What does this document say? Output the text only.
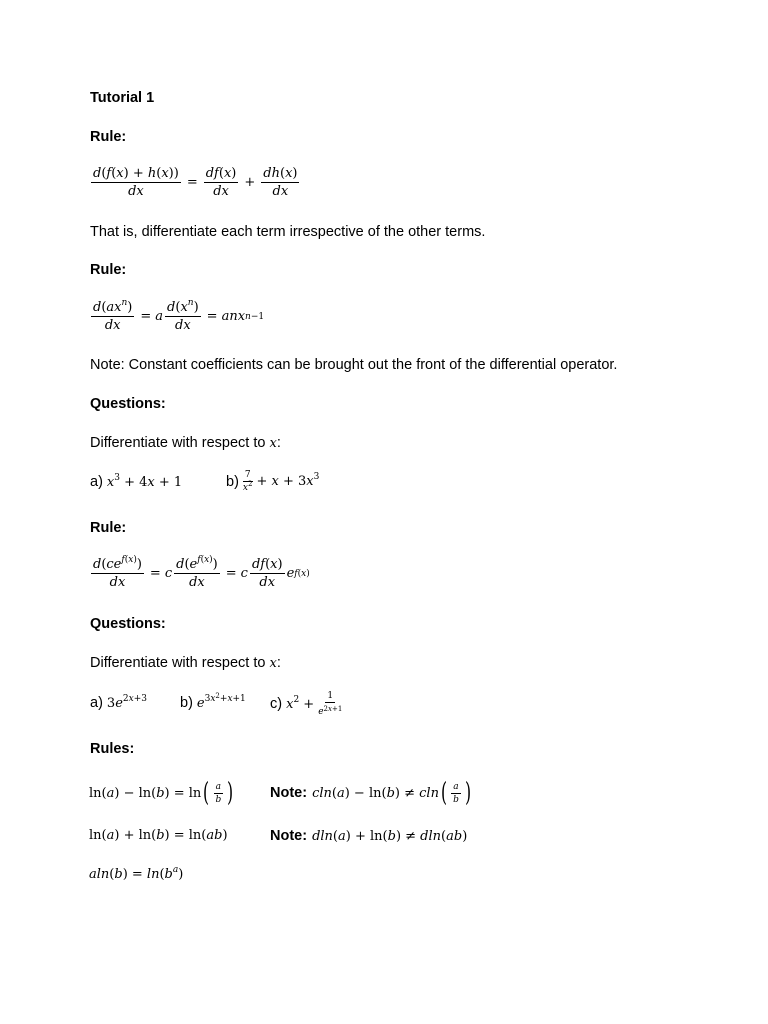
Tutorial 1
Rule:
$\frac{d(f(x) + h(x))}{dx} = \frac{df(x)}{dx} + \frac{dh(x)}{dx}$
That is, differentiate each term irrespective of the other terms.
Rule:
$\frac{d(ax^n)}{dx} = a \frac{d(x^n)}{dx}$ = anx n−1
Note: Constant coefficients can be brought out the front of the differential operator.
Questions:
Differentiate with respect to x:
a) $x^3 + 4x + 1$	$b) \frac{7}{x^2} + x + 3x^3$
Rule:
$\frac{d(ce^{f(x)})}{dx} = c \frac{d(e^{f(x)})}{dx} = c \frac{df(x)}{dx}$ e f(x)
Questions:
Differentiate with respect to x:
a) $3e^{2x+3}$ b) $e^{3x^2+x+1}$ c) $x^2 + \frac{1}{e^{2x+1}}$
Rules:
ln(a) − ln(b) = ln ( $\frac{a}{b}$ )	Note: cln(a) − ln(b) ≠ cln ( $\frac{a}{b}$ )
ln(a) + ln(b) = ln(ab)	Note: dln(a) + ln(b) ≠ dln(ab)
$aln(b) = \ln(b^a)$
